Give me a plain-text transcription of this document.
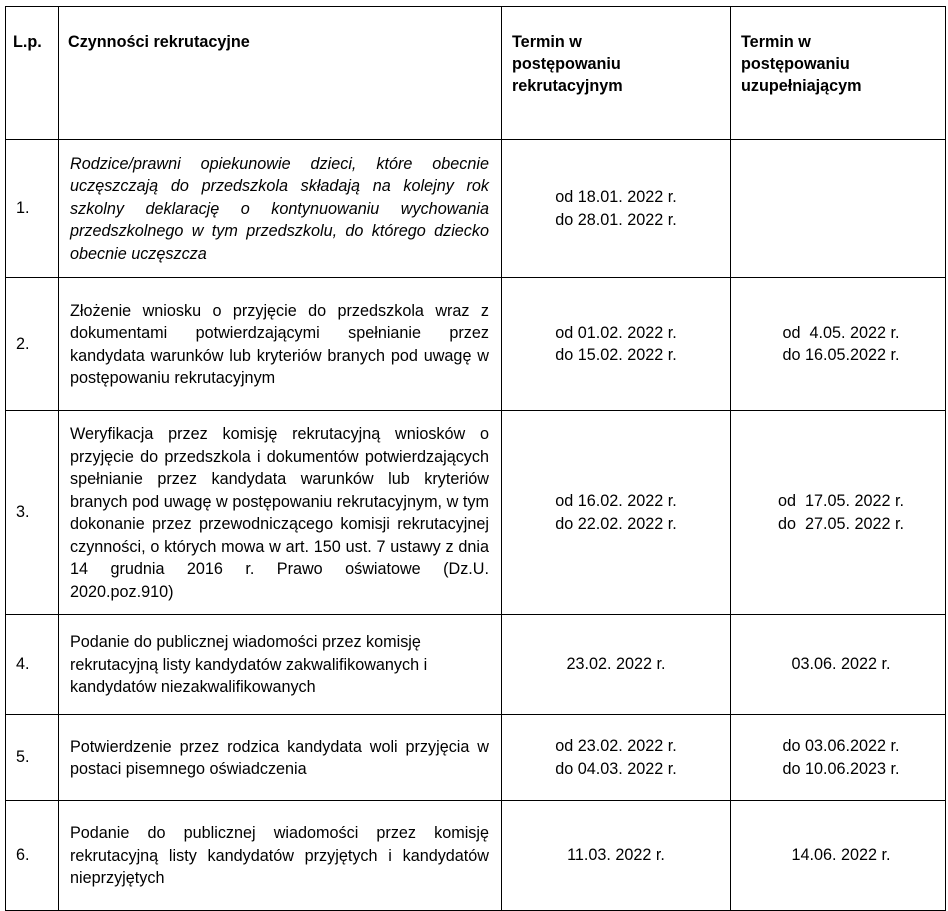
L.p.	Czynności rekrutacyjne	Termin w
postępowaniu
rekrutacyjnym	Termin w
postępowaniu
uzupełniającym

1.	Rodzice/prawni opiekunowie dzieci, które obecnie uczęszczają do przedszkola składają na kolejny rok szkolny deklarację o kontynuowaniu wychowania przedszkolnego w tym przedszkolu, do którego dziecko obecnie uczęszcza	od 18.01. 2022 r.
do 28.01. 2022 r.	

2.	Złożenie wniosku o przyjęcie do przedszkola wraz z dokumentami potwierdzającymi spełnianie przez kandydata warunków lub kryteriów branych pod uwagę w postępowaniu rekrutacyjnym	od 01.02. 2022 r.
do 15.02. 2022 r.	od  4.05. 2022 r.
do 16.05.2022 r.

3.	Weryfikacja przez komisję rekrutacyjną wniosków o przyjęcie do przedszkola i dokumentów potwierdzających spełnianie przez kandydata warunków lub kryteriów branych pod uwagę w postępowaniu rekrutacyjnym, w tym dokonanie przez przewodniczącego komisji rekrutacyjnej czynności, o których mowa w art. 150 ust. 7 ustawy z dnia 14 grudnia 2016 r. Prawo oświatowe (Dz.U. 2020.poz.910)	od 16.02. 2022 r.
do 22.02. 2022 r.	od  17.05. 2022 r.
do  27.05. 2022 r.

4.	Podanie do publicznej wiadomości przez komisję rekrutacyjną listy kandydatów zakwalifikowanych i kandydatów niezakwalifikowanych	23.02. 2022 r.	03.06. 2022 r.

5.	Potwierdzenie przez rodzica kandydata woli przyjęcia w postaci pisemnego oświadczenia	od 23.02. 2022 r.
do 04.03. 2022 r.	do 03.06.2022 r.
do 10.06.2023 r.

6.	Podanie do publicznej wiadomości przez komisję rekrutacyjną listy kandydatów przyjętych i kandydatów nieprzyjętych	11.03. 2022 r.	14.06. 2022 r.
